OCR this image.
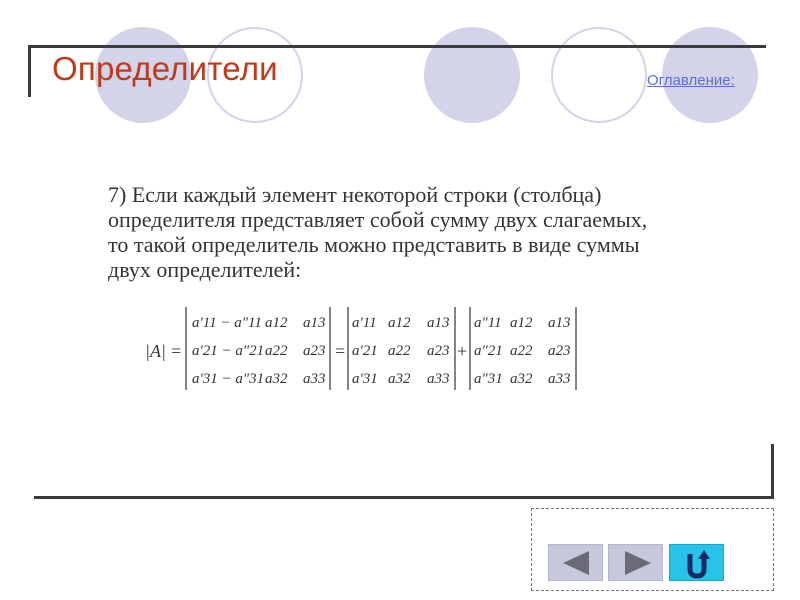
Определители	Оглавление:
7) Если каждый элемент некоторой строки (столбца)
определителя представляет собой сумму двух слагаемых,
то такой определитель можно представить в виде суммы
двух определителей:
|A| =
a′11 − a″11 a12 a13
a′21 − a″21 a22 a23
a′31 − a″31 a32 a33
=
a′11 a12 a13
a′21 a22 a23
a′31 a32 a33
+
a″11 a12 a13
a″21 a22 a23
a″31 a32 a33
